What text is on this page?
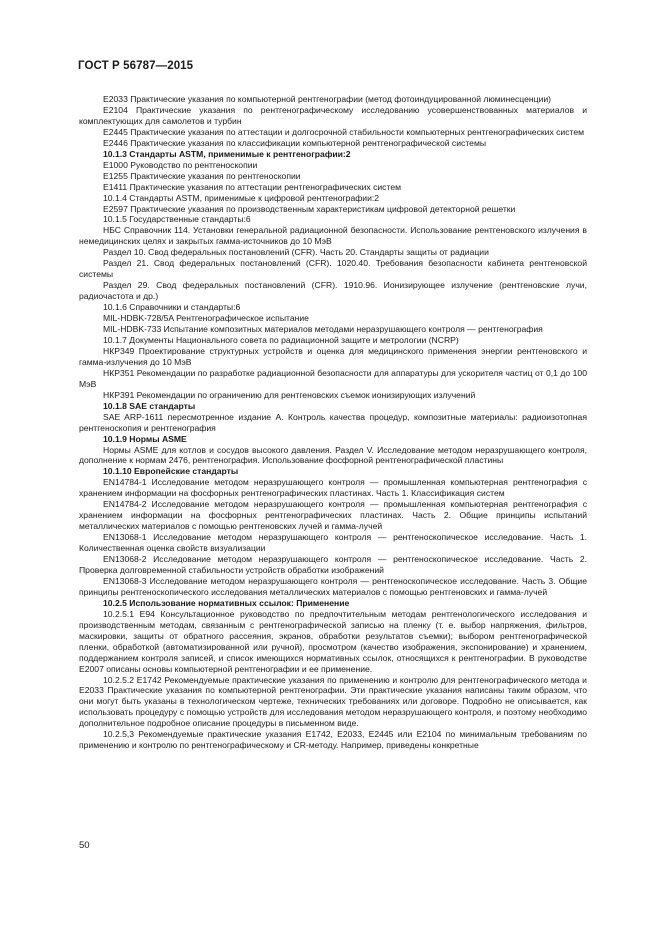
ГОСТ Р 56787—2015

E2033 Практические указания по компьютерной рентгенографии (метод фотоиндуцированной люминесценции)

E2104 Практические указания по рентгенографическому исследованию усовершенствованных материалов и комплектующих для самолетов и турбин

E2445 Практические указания по аттестации и долгосрочной стабильности компьютерных рентгенографических систем

E2446 Практические указания по классификации компьютерной рентгенографической системы

10.1.3 Стандарты ASTM, применимые к рентгенографии:2

E1000 Руководство по рентгеноскопии

E1255 Практические указания по рентгеноскопии

E1411 Практические указания по аттестации рентгенографических систем

10.1.4 Стандарты ASTM, применимые к цифровой рентгенографии:2

E2597 Практические указания по производственным характеристикам цифровой детекторной решетки

10.1.5 Государственные стандарты:6

НБС Справочник 114. Установки генеральной радиационной безопасности. Использование рентгеновского излучения в немедицинских целях и закрытых гамма-источников до 10 МэВ

Раздел 10. Свод федеральных постановлений (CFR). Часть 20. Стандарты защиты от радиации

Раздел 21. Свод федеральных постановлений (CFR). 1020.40. Требования безопасности кабинета рентгеновской системы

Раздел 29. Свод федеральных постановлений (CFR). 1910.96. Ионизирующее излучение (рентгеновские лучи, радиочастота и др.)

10.1.6 Справочники и стандарты:6

MIL-HDBK-728/5A Рентгенографическое испытание

MIL-HDBK-733 Испытание композитных материалов методами неразрушающего контроля — рентгенография

10.1.7 Документы Национального совета по радиационной защите и метрологии (NCRP)

НКР349 Проектирование структурных устройств и оценка для медицинского применения энергии рентгеновского и гамма-излучения до 10 МэВ

НКР351 Рекомендации по разработке радиационной безопасности для аппаратуры для ускорителя частиц от 0,1 до 100 МэВ

НКР391 Рекомендации по ограничению для рентгеновских съемок ионизирующих излучений

10.1.8 SAE стандарты

SAE ARP-1611 пересмотренное издание А. Контроль качества процедур, композитные материалы: радиоизотопная рентгеноскопия и рентгенография

10.1.9 Нормы ASME

Нормы ASME для котлов и сосудов высокого давления. Раздел V. Исследование методом неразрушающего контроля, дополнение к нормам 2476, рентгенография. Использование фосфорной рентгенографической пластины

10.1.10 Европейские стандарты

EN14784-1 Исследование методом неразрушающего контроля — промышленная компьютерная рентгенография с хранением информации на фосфорных рентгенографических пластинах. Часть 1. Классификация систем

EN14784-2 Исследование методом неразрушающего контроля — промышленная компьютерная рентгенография с хранением информации на фосфорных рентгенографических пластинах. Часть 2. Общие принципы испытаний металлических материалов с помощью рентгеновских лучей и гамма-лучей

EN13068-1 Исследование методом неразрушающего контроля — рентгеноскопическое исследование. Часть 1. Количественная оценка свойств визуализации

EN13068-2 Исследование методом неразрушающего контроля — рентгеноскопическое исследование. Часть 2. Проверка долговременной стабильности устройств обработки изображений

EN13068-3 Исследование методом неразрушающего контроля — рентгеноскопическое исследование. Часть 3. Общие принципы рентгеноскопического исследования металлических материалов с помощью рентгеновских и гамма-лучей

10.2.5 Использование нормативных ссылок: Применение

10.2.5.1 E94 Консультационное руководство по предпочтительным методам рентгенологического исследования и производственным методам, связанным с рентгенографической записью на пленку (т. е. выбор напряжения, фильтров, маскировки, защиты от обратного рассеяния, экранов, обработки результатов съемки); выбором рентгенографической пленки, обработкой (автоматизированной или ручной), просмотром (качество изображения, экспонирование) и хранением, поддержанием контроля записей, и список имеющихся нормативных ссылок, относящихся к рентгенографии. В руководстве E2007 описаны основы компьютерной рентгенографии и ее применение.

10.2.5.2 E1742 Рекомендуемые практические указания по применению и контролю для рентгенографического метода и E2033 Практические указания по компьютерной рентгенографии. Эти практические указания написаны таким образом, что они могут быть указаны в технологическом чертеже, технических требованиях или договоре. Подробно не описывается, как использовать процедуру с помощью устройств для исследования методом неразрушающего контроля, и поэтому необходимо дополнительное подробное описание процедуры в письменном виде.

10.2.5,3 Рекомендуемые практические указания E1742, E2033, E2445 или E2104 по минимальным требованиям по применению и контролю по рентгенографическому и CR-методу. Например, приведены конкретные

50
